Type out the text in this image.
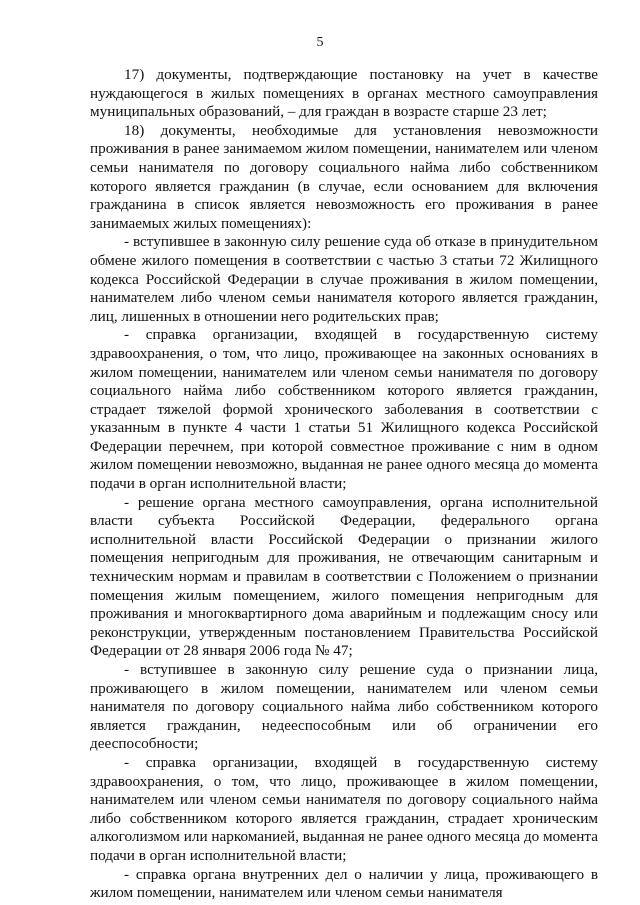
5

17) документы, подтверждающие постановку на учет в качестве нуждающегося в жилых помещениях в органах местного самоуправления муниципальных образований, – для граждан в возрасте старше 23 лет;

18) документы, необходимые для установления невозможности проживания в ранее занимаемом жилом помещении, нанимателем или членом семьи нанимателя по договору социального найма либо собственником которого является гражданин (в случае, если основанием для включения гражданина в список является невозможность его проживания в ранее занимаемых жилых помещениях):

- вступившее в законную силу решение суда об отказе в принудительном обмене жилого помещения в соответствии с частью 3 статьи 72 Жилищного кодекса Российской Федерации в случае проживания в жилом помещении, нанимателем либо членом семьи нанимателя которого является гражданин, лиц, лишенных в отношении него родительских прав;

- справка организации, входящей в государственную систему здравоохранения, о том, что лицо, проживающее на законных основаниях в жилом помещении, нанимателем или членом семьи нанимателя по договору социального найма либо собственником которого является гражданин, страдает тяжелой формой хронического заболевания в соответствии с указанным в пункте 4 части 1 статьи 51 Жилищного кодекса Российской Федерации перечнем, при которой совместное проживание с ним в одном жилом помещении невозможно, выданная не ранее одного месяца до момента подачи в орган исполнительной власти;

- решение органа местного самоуправления, органа исполнительной власти субъекта Российской Федерации, федерального органа исполнительной власти Российской Федерации о признании жилого помещения непригодным для проживания, не отвечающим санитарным и техническим нормам и правилам в соответствии с Положением о признании помещения жилым помещением, жилого помещения непригодным для проживания и многоквартирного дома аварийным и подлежащим сносу или реконструкции, утвержденным постановлением Правительства Российской Федерации от 28 января 2006 года № 47;

- вступившее в законную силу решение суда о признании лица, проживающего в жилом помещении, нанимателем или членом семьи нанимателя по договору социального найма либо собственником которого является гражданин, недееспособным или об ограничении его дееспособности;

- справка организации, входящей в государственную систему здравоохранения, о том, что лицо, проживающее в жилом помещении, нанимателем или членом семьи нанимателя по договору социального найма либо собственником которого является гражданин, страдает хроническим алкоголизмом или наркоманией, выданная не ранее одного месяца до момента подачи в орган исполнительной власти;

- справка органа внутренних дел о наличии у лица, проживающего в жилом помещении, нанимателем или членом семьи нанимателя
